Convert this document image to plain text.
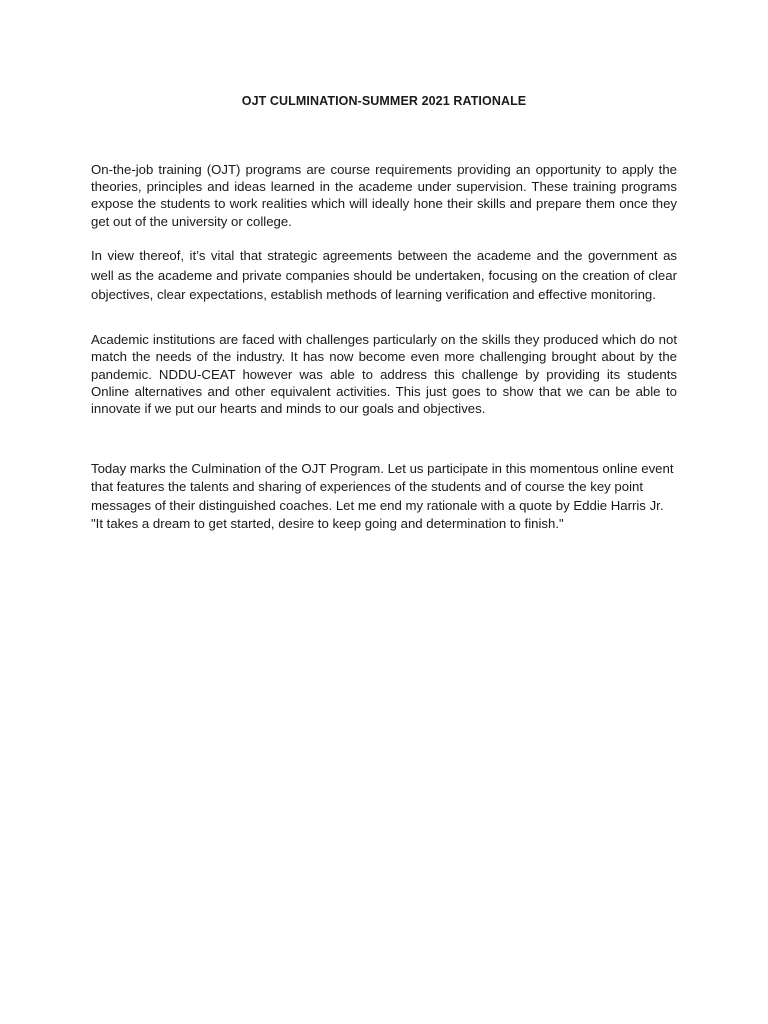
OJT CULMINATION-SUMMER 2021 RATIONALE

On-the-job training (OJT) programs are course requirements providing an opportunity to apply the theories, principles and ideas learned in the academe under supervision. These training programs expose the students to work realities which will ideally hone their skills and prepare them once they get out of the university or college.

In view thereof, it’s vital that strategic agreements between the academe and the government as well as the academe and private companies should be undertaken, focusing on the creation of clear objectives, clear expectations, establish methods of learning verification and effective monitoring.

Academic institutions are faced with challenges particularly on the skills they produced which do not match the needs of the industry. It has now become even more challenging brought about by the pandemic. NDDU-CEAT however was able to address this challenge by providing its students Online alternatives and other equivalent activities. This just goes to show that we can be able to innovate if we put our hearts and minds to our goals and objectives.

Today marks the Culmination of the OJT Program. Let us participate in this momentous online event that features the talents and sharing of experiences of the students and of course the key point messages of their distinguished coaches. Let me end my rationale with a quote by Eddie Harris Jr. "It takes a dream to get started, desire to keep going and determination to finish."
